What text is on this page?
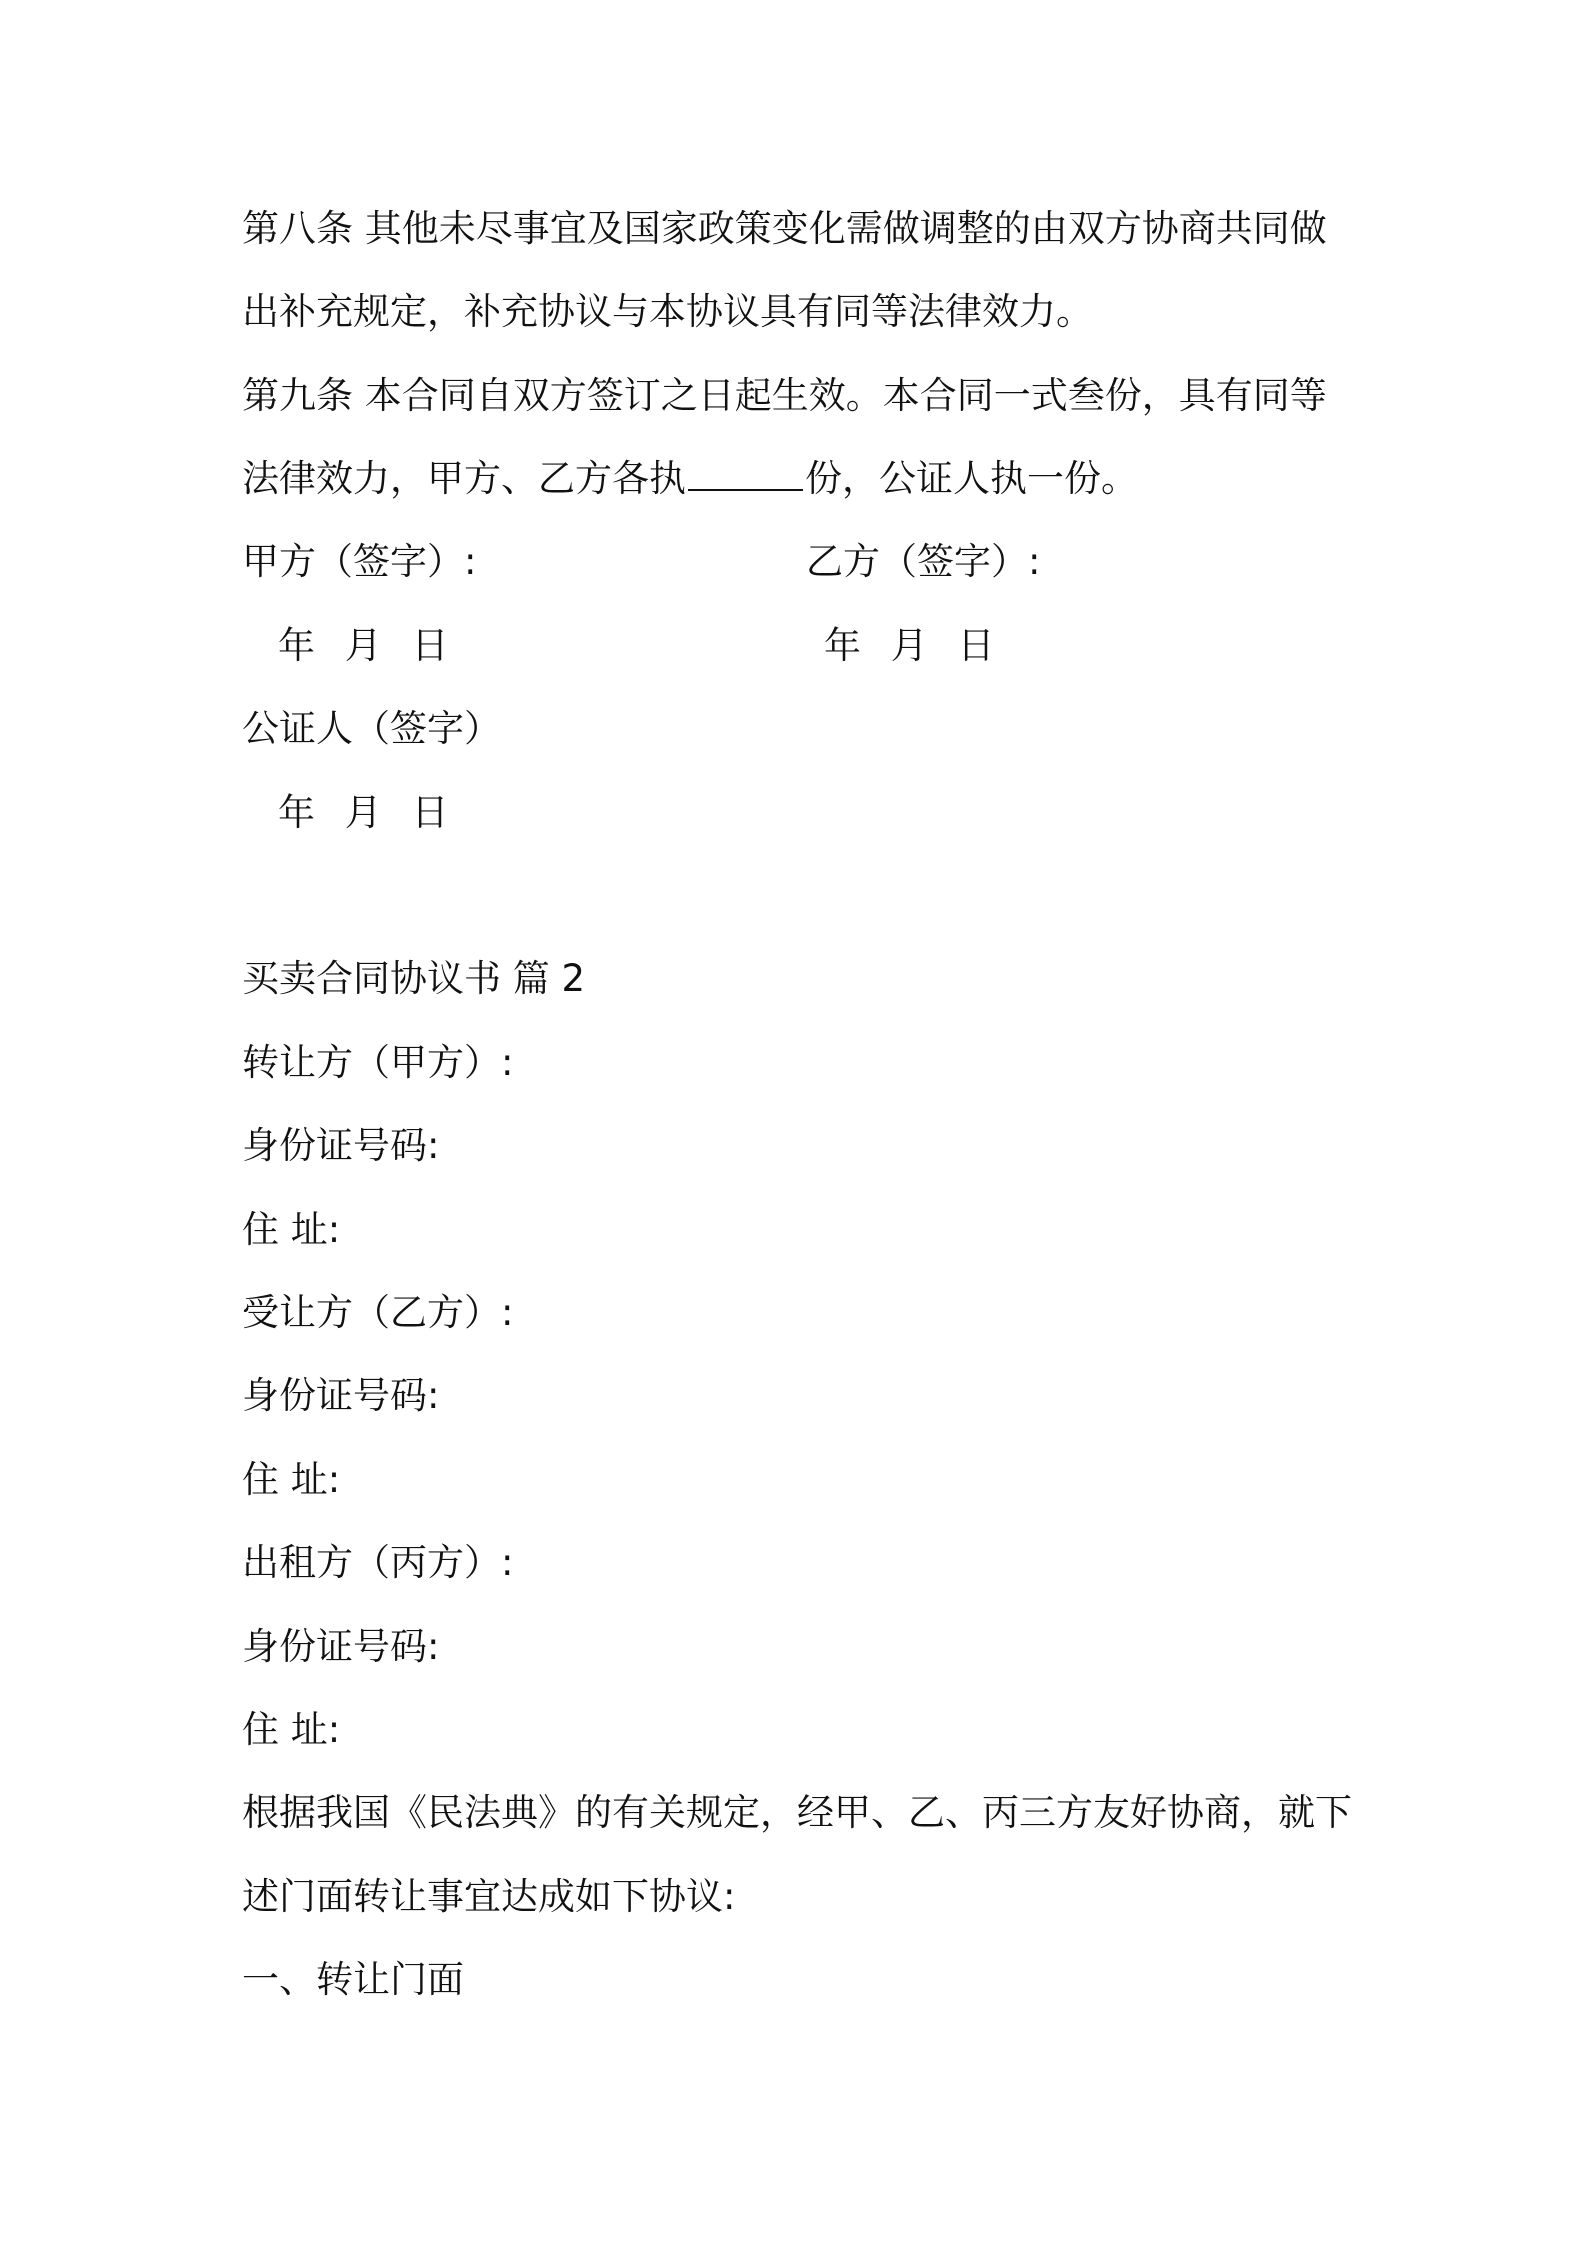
第八条 其他未尽事宜及国家政策变化需做调整的由双方协商共同做
出补充规定，补充协议与本协议具有同等法律效力。
第九条 本合同自双方签订之日起生效。本合同一式叁份，具有同等
法律效力，甲方、乙方各执	份，公证人执一份。
甲方（签字）:	乙方（签字）:
年 月 日	年 月 日
公证人（签字）
年 月 日
买卖合同协议书 篇 2
转让方（甲方）:
身份证号码:
住 址:
受让方（乙方）:
身份证号码:
住 址:
出租方（丙方）:
身份证号码:
住 址:
根据我国《民法典》的有关规定，经甲、乙、丙三方友好协商，就下
述门面转让事宜达成如下协议:
一、转让门面
